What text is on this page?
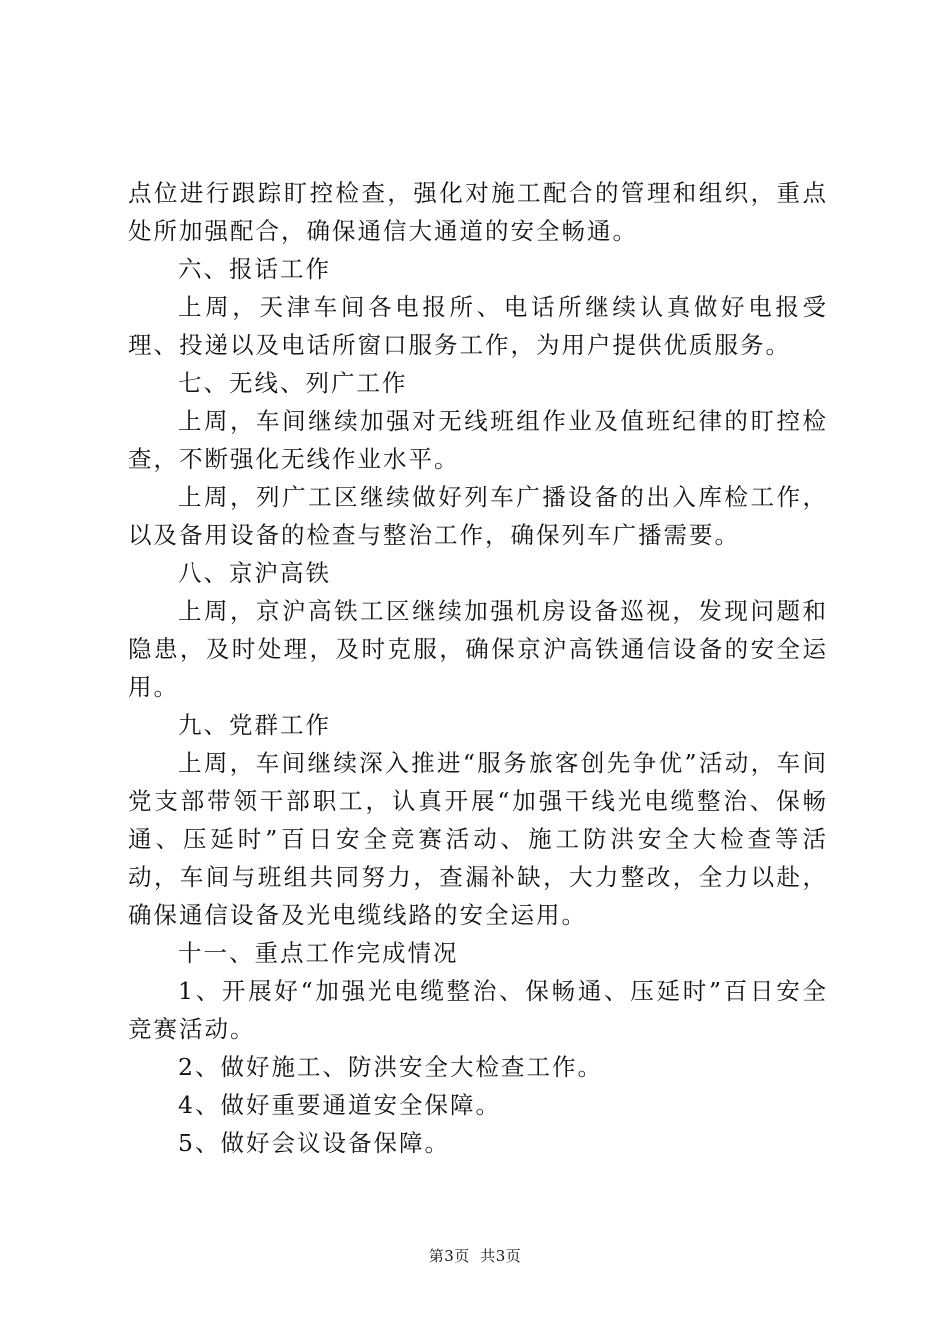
点位进行跟踪盯控检查，强化对施工配合的管理和组织，重点处所加强配合，确保通信大通道的安全畅通。

六、报话工作

上周，天津车间各电报所、电话所继续认真做好电报受理、投递以及电话所窗口服务工作，为用户提供优质服务。

七、无线、列广工作

上周，车间继续加强对无线班组作业及值班纪律的盯控检查，不断强化无线作业水平。

上周，列广工区继续做好列车广播设备的出入库检工作，以及备用设备的检查与整治工作，确保列车广播需要。

八、京沪高铁

上周，京沪高铁工区继续加强机房设备巡视，发现问题和隐患，及时处理，及时克服，确保京沪高铁通信设备的安全运用。

九、党群工作

上周，车间继续深入推进“服务旅客创先争优”活动，车间党支部带领干部职工，认真开展“加强干线光电缆整治、保畅通、压延时”百日安全竞赛活动、施工防洪安全大检查等活动，车间与班组共同努力，查漏补缺，大力整改，全力以赴，确保通信设备及光电缆线路的安全运用。

十一、重点工作完成情况

1、开展好“加强光电缆整治、保畅通、压延时”百日安全竞赛活动。

2、做好施工、防洪安全大检查工作。

4、做好重要通道安全保障。

5、做好会议设备保障。

第3页  共3页
